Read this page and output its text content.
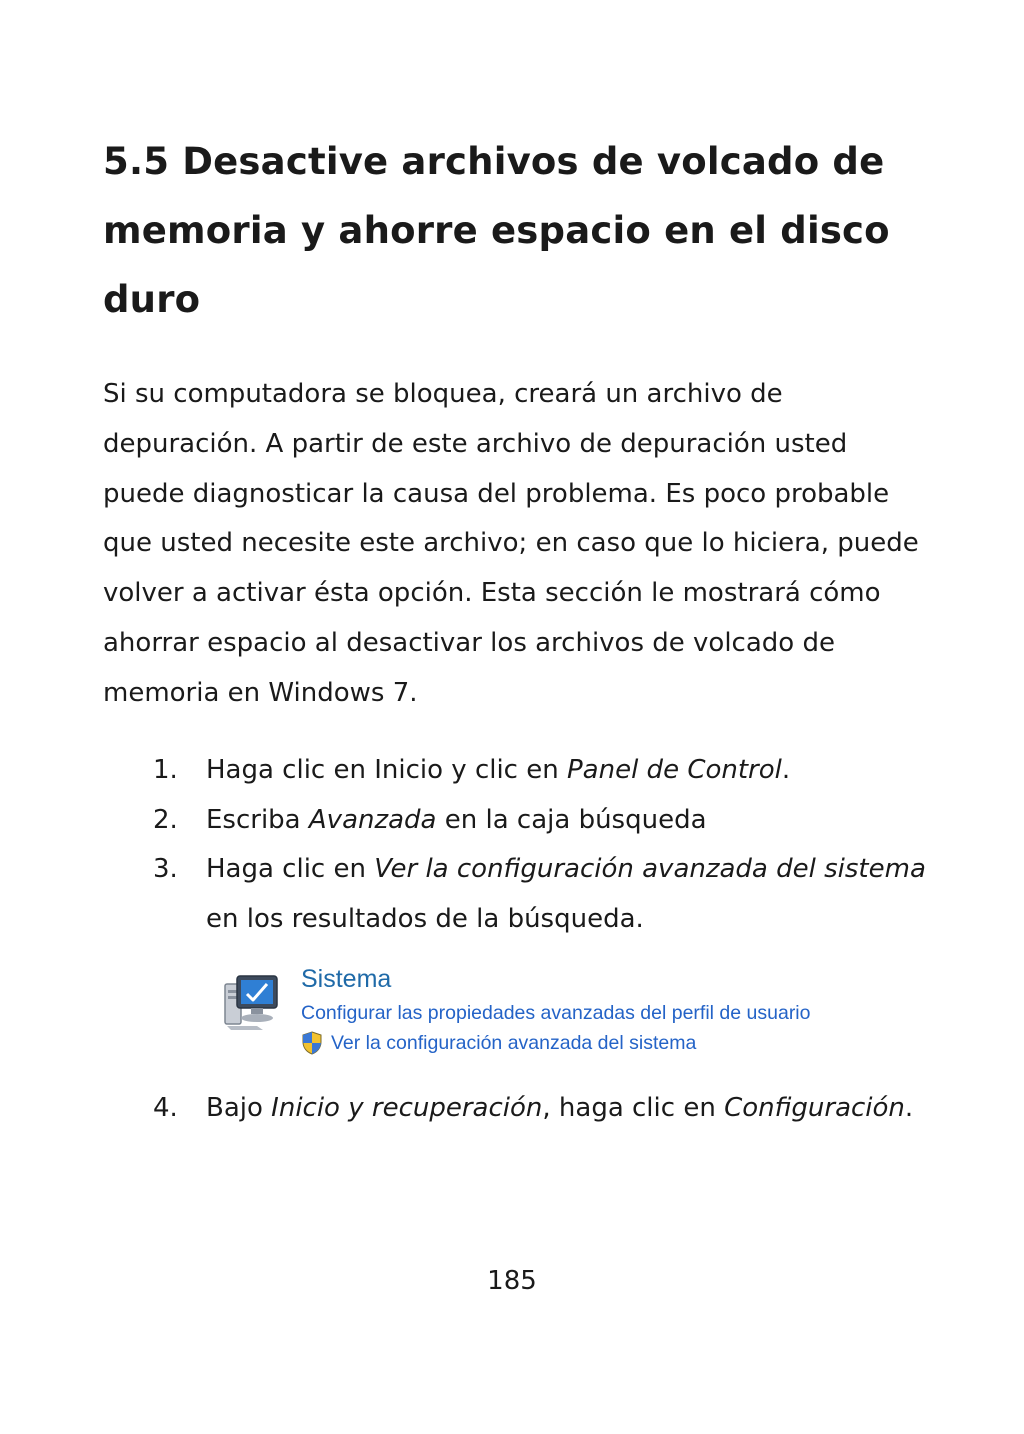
5.5 Desactive archivos de volcado de memoria y ahorre espacio en el disco duro

Si su computadora se bloquea, creará un archivo de depuración. A partir de este archivo de depuración usted puede diagnosticar la causa del problema. Es poco probable que usted necesite este archivo; en caso que lo hiciera, puede volver a activar ésta opción. Esta sección le mostrará cómo ahorrar espacio al desactivar los archivos de volcado de memoria en Windows 7.

1. Haga clic en Inicio y clic en Panel de Control.
2. Escriba Avanzada en la caja búsqueda
3. Haga clic en Ver la configuración avanzada del sistema en los resultados de la búsqueda.
Sistema
Configurar las propiedades avanzadas del perfil de usuario
Ver la configuración avanzada del sistema
4. Bajo Inicio y recuperación, haga clic en Configuración.
185
